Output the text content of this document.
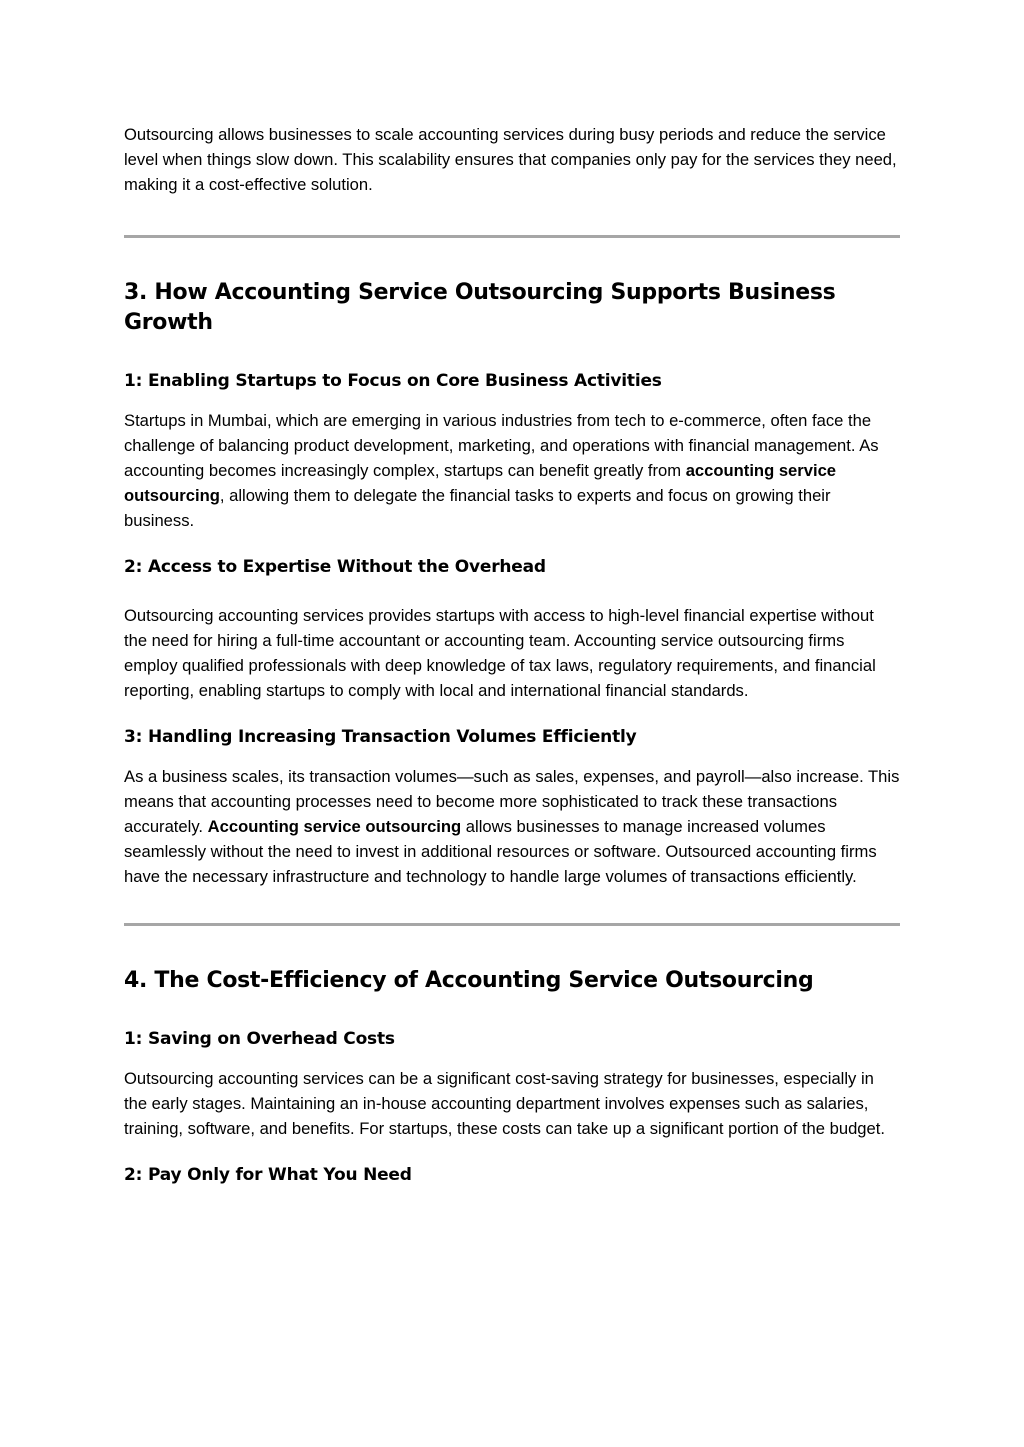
Outsourcing allows businesses to scale accounting services during busy periods and reduce the service level when things slow down. This scalability ensures that companies only pay for the services they need, making it a cost-effective solution.

3. How Accounting Service Outsourcing Supports Business Growth
1: Enabling Startups to Focus on Core Business Activities

Startups in Mumbai, which are emerging in various industries from tech to e-commerce, often face the challenge of balancing product development, marketing, and operations with financial management. As accounting becomes increasingly complex, startups can benefit greatly from accounting service outsourcing, allowing them to delegate the financial tasks to experts and focus on growing their business.

2: Access to Expertise Without the Overhead

Outsourcing accounting services provides startups with access to high-level financial expertise without the need for hiring a full-time accountant or accounting team. Accounting service outsourcing firms employ qualified professionals with deep knowledge of tax laws, regulatory requirements, and financial reporting, enabling startups to comply with local and international financial standards.

3: Handling Increasing Transaction Volumes Efficiently

As a business scales, its transaction volumes—such as sales, expenses, and payroll—also increase. This means that accounting processes need to become more sophisticated to track these transactions accurately. Accounting service outsourcing allows businesses to manage increased volumes seamlessly without the need to invest in additional resources or software. Outsourced accounting firms have the necessary infrastructure and technology to handle large volumes of transactions efficiently.

4. The Cost-Efficiency of Accounting Service Outsourcing
1: Saving on Overhead Costs

Outsourcing accounting services can be a significant cost-saving strategy for businesses, especially in the early stages. Maintaining an in-house accounting department involves expenses such as salaries, training, software, and benefits. For startups, these costs can take up a significant portion of the budget.

2: Pay Only for What You Need
